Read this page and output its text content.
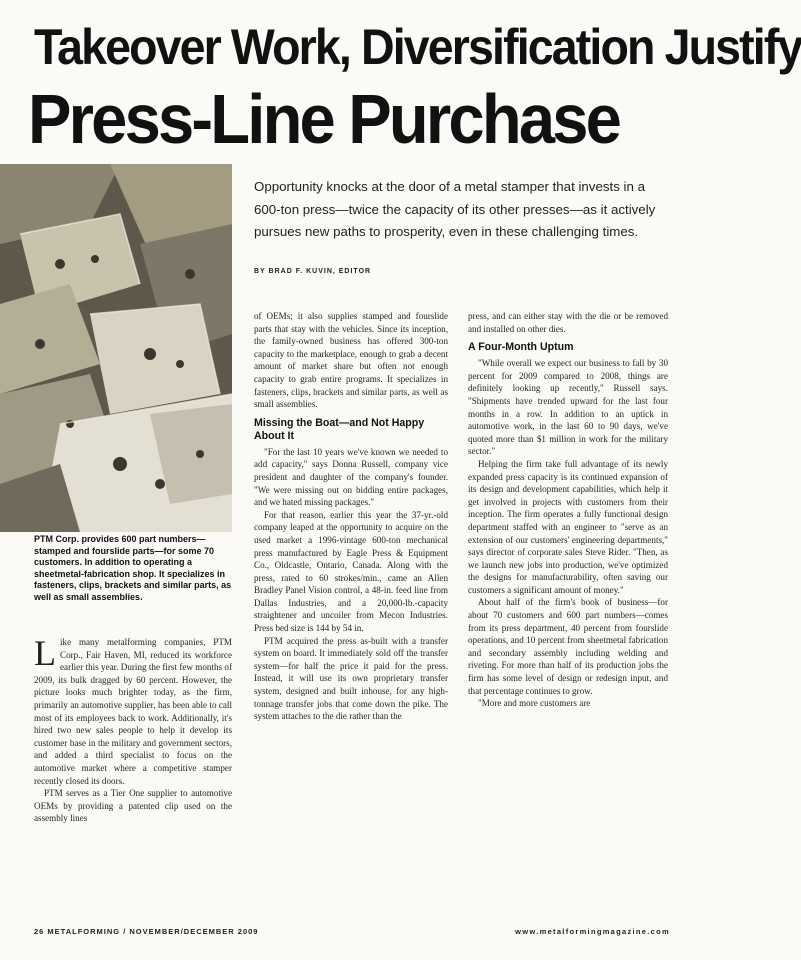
Takeover Work, Diversification Justify
Press-Line Purchase
PTM Corp. provides 600 part numbers—stamped and fourslide parts—for some 70 customers. In addition to operating a sheetmetal-fabrication shop. It specializes in fasteners, clips, brackets and similar parts, as well as small assemblies.
Opportunity knocks at the door of a metal stamper that invests in a 600-ton press—twice the capacity of its other presses—as it actively pursues new paths to prosperity, even in these challenging times.
BY BRAD F. KUVIN, EDITOR

Like many metalforming companies, PTM Corp., Fair Haven, MI, reduced its workforce earlier this year. During the first few months of 2009, its bulk dragged by 60 percent. However, the picture looks much brighter today, as the firm, primarily an automotive supplier, has been able to call most of its employees back to work. Additionally, it's hired two new sales people to help it develop its customer base in the military and government sectors, and added a third specialist to focus on the automotive market where a competitive stamper recently closed its doors.

PTM serves as a Tier One supplier to automotive OEMs by providing a patented clip used on the assembly lines

of OEMs; it also supplies stamped and fourslide parts that stay with the vehicles. Since its inception, the family-owned business has offered 300-ton capacity to the marketplace, enough to grab a decent amount of market share but often not enough capacity to grab entire programs. It specializes in fasteners, clips, brackets and similar parts, as well as small assemblies.

Missing the Boat—and Not Happy About It

"For the last 10 years we've known we needed to add capacity," says Donna Russell, company vice president and daughter of the company's founder. "We were missing out on bidding entire packages, and we hated missing packages."

For that reason, earlier this year the 37-yr.-old company leaped at the opportunity to acquire on the used market a 1996-vintage 600-ton mechanical press manufactured by Eagle Press & Equipment Co., Oldcastle, Ontario, Canada. Along with the press, rated to 60 strokes/min., came an Allen Bradley Panel Vision control, a 48-in. feed line from Dallas Industries, and a 20,000-lb.-capacity straightener and uncoiler from Mecon Industries. Press bed size is 144 by 54 in.

PTM acquired the press as-built with a transfer system on board. It immediately sold off the transfer system—for half the price it paid for the press. Instead, it will use its own proprietary transfer system, designed and built inhouse, for any high-tonnage transfer jobs that come down the pike. The system attaches to the die rather than the

press, and can either stay with the die or be removed and installed on other dies.

A Four-Month Uptum

"While overall we expect our business to fall by 30 percent for 2009 compared to 2008, things are definitely looking up recently," Russell says. "Shipments have trended upward for the last four months in a row. In addition to an uptick in automotive work, in the last 60 to 90 days, we've quoted more than $1 million in work for the military sector."

Helping the firm take full advantage of its newly expanded press capacity is its continued expansion of its design and development capabilities, which help it get involved in projects with customers from their inception. The firm operates a fully functional design department staffed with an engineer to "serve as an extension of our customers' engineering departments," says director of corporate sales Steve Rider. "Then, as we launch new jobs into production, we've optimized the designs for manufacturability, often saving our customers a significant amount of money."

About half of the firm's book of business—for about 70 customers and 600 part numbers—comes from its press department, 40 percent from fourslide operations, and 10 percent from sheetmetal fabrication and secondary assembly including welding and riveting. For more than half of its production jobs the firm has some level of design or redesign input, and that percentage continues to grow.

"More and more customers are

26 METALFORMING / NOVEMBER/DECEMBER 2009	www.metalformingmagazine.com
